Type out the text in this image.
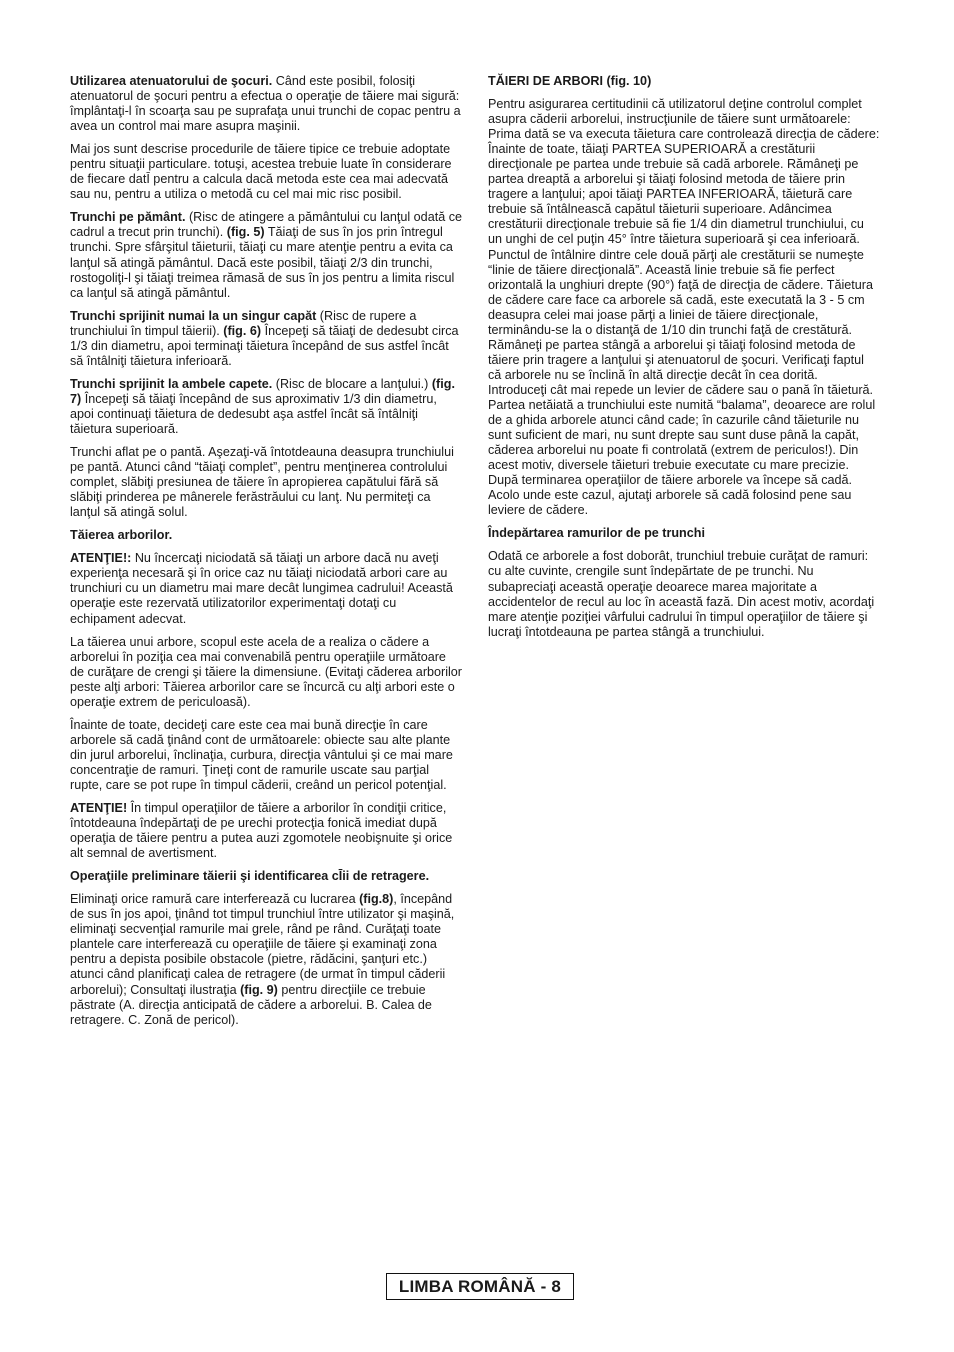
Utilizarea atenuatorului de şocuri. Când este posibil, folosiţi atenuatorul de şocuri pentru a efectua o operaţie de tăiere mai sigură: împlântaţi-l în scoarţa sau pe suprafaţa unui trunchi de copac pentru a avea un control mai mare asupra maşinii.

Mai jos sunt descrise procedurile de tăiere tipice ce trebuie adoptate pentru situaţii particulare. totuşi, acestea trebuie luate în considerare de fiecare datĪ pentru a calcula dacă metoda este cea mai adecvată sau nu, pentru a utiliza o metodă cu cel mai mic risc posibil.

Trunchi pe pământ. (Risc de atingere a pământului cu lanţul odată ce cadrul a trecut prin trunchi). (fig. 5) Tăiaţi de sus în jos prin întregul trunchi. Spre sfârşitul tăieturii, tăiaţi cu mare atenţie pentru a evita ca lanţul să atingă pământul. Dacă este posibil, tăiaţi 2/3 din trunchi, rostogoliţi-l şi tăiaţi treimea rămasă de sus în jos pentru a limita riscul ca lanţul să atingă pământul.

Trunchi sprijinit numai la un singur capăt (Risc de rupere a trunchiului în timpul tăierii). (fig. 6) Începeţi să tăiaţi de dedesubt circa 1/3 din diametru, apoi terminaţi tăietura începând de sus astfel încât să întâlniţi tăietura inferioară.

Trunchi sprijinit la ambele capete. (Risc de blocare a lanţului.) (fig. 7) Începeţi să tăiaţi începând de sus aproximativ 1/3 din diametru, apoi continuaţi tăietura de dedesubt aşa astfel încât să întâlniţi tăietura superioară.

Trunchi aflat pe o pantă. Aşezaţi-vă întotdeauna deasupra trunchiului pe pantă. Atunci când “tăiaţi complet”, pentru menţinerea controlului complet, slăbiţi presiunea de tăiere în apropierea capătului fără să slăbiţi prinderea pe mânerele ferăstrăului cu lanţ. Nu permiteţi ca lanţul să atingă solul.

Tăierea arborilor.

ATENŢIE!: Nu încercaţi niciodată să tăiaţi un arbore dacă nu aveţi experienţa necesară şi în orice caz nu tăiaţi niciodată arbori care au trunchiuri cu un diametru mai mare decât lungimea cadrului! Această operaţie este rezervată utilizatorilor experimentaţi dotaţi cu echipament adecvat.

La tăierea unui arbore, scopul este acela de a realiza o cădere a arborelui în poziţia cea mai convenabilă pentru operaţiile următoare de curăţare de crengi şi tăiere la dimensiune. (Evitaţi căderea arborilor peste alţi arbori: Tăierea arborilor care se încurcă cu alţi arbori este o operaţie extrem de periculoasă).

Înainte de toate, decideţi care este cea mai bună direcţie în care arborele să cadă ţinând cont de următoarele: obiecte sau alte plante din jurul arborelui, înclinaţia, curbura, direcţia vântului şi ce mai mare concentraţie de ramuri. Ţineţi cont de ramurile uscate sau parţial rupte, care se pot rupe în timpul căderii, creând un pericol potenţial.

ATENŢIE! În timpul operaţiilor de tăiere a arborilor în condiţii critice, întotdeauna îndepărtaţi de pe urechi protecţia fonică imediat după operaţia de tăiere pentru a putea auzi zgomotele neobişnuite şi orice alt semnal de avertisment.

Operaţiile preliminare tăierii şi identificarea cĪii de retragere.

Eliminaţi orice ramură care interferează cu lucrarea (fig.8), începând de sus în jos apoi, ţinând tot timpul trunchiul între utilizator şi maşină, eliminaţi secvenţial ramurile mai grele, rând pe rând. Curăţaţi toate plantele care interferează cu operaţiile de tăiere şi examinaţi zona pentru a depista posibile obstacole (pietre, rădăcini, şanţuri etc.) atunci când planificaţi calea de retragere (de urmat în timpul căderii arborelui); Consultaţi ilustraţia (fig. 9) pentru direcţiile ce trebuie păstrate (A. direcţia anticipată de cădere a arborelui. B. Calea de retragere. C. Zonă de pericol).

TĂIERI DE ARBORI (fig. 10)

Pentru asigurarea certitudinii că utilizatorul deţine controlul complet asupra căderii arborelui, instrucţiunile de tăiere sunt următoarele: Prima dată se va executa tăietura care controlează direcţia de cădere: Înainte de toate, tăiaţi PARTEA SUPERIOARĂ a crestăturii direcţionale pe partea unde trebuie să cadă arborele. Rămâneţi pe partea dreaptă a arborelui şi tăiaţi folosind metoda de tăiere prin tragere a lanţului; apoi tăiaţi PARTEA INFERIOARĂ, tăietură care trebuie să întâlnească capătul tăieturii superioare. Adâncimea crestăturii direcţionale trebuie să fie 1/4 din diametrul trunchiului, cu un unghi de cel puţin 45° între tăietura superioară şi cea inferioară. Punctul de întâlnire dintre cele două părţi ale crestăturii se numeşte “linie de tăiere direcţională”. Această linie trebuie să fie perfect orizontală la unghiuri drepte (90°) faţă de direcţia de cădere. Tăietura de cădere care face ca arborele să cadă, este executată la 3 - 5 cm deasupra celei mai joase părţi a liniei de tăiere direcţionale, terminându-se la o distanţă de 1/10 din trunchi faţă de crestătură. Rămâneţi pe partea stângă a arborelui şi tăiaţi folosind metoda de tăiere prin tragere a lanţului şi atenuatorul de şocuri. Verificaţi faptul că arborele nu se înclină în altă direcţie decât în cea dorită. Introduceţi cât mai repede un levier de cădere sau o pană în tăietură. Partea netăiată a trunchiului este numită “balama”, deoarece are rolul de a ghida arborele atunci când cade; în cazurile când tăieturile nu sunt suficient de mari, nu sunt drepte sau sunt duse până la capăt, căderea arborelui nu poate fi controlată (extrem de periculos!). Din acest motiv, diversele tăieturi trebuie executate cu mare precizie. După terminarea operaţiilor de tăiere arborele va începe să cadă. Acolo unde este cazul, ajutaţi arborele să cadă folosind pene sau leviere de cădere.

Îndepărtarea ramurilor de pe trunchi

Odată ce arborele a fost doborât, trunchiul trebuie curăţat de ramuri: cu alte cuvinte, crengile sunt îndepărtate de pe trunchi. Nu subapreciaţi această operaţie deoarece marea majoritate a accidentelor de recul au loc în această fază. Din acest motiv, acordaţi mare atenţie poziţiei vârfului cadrului în timpul operaţiilor de tăiere şi lucraţi întotdeauna pe partea stângă a trunchiului.

LIMBA ROMÂNĂ - 8
